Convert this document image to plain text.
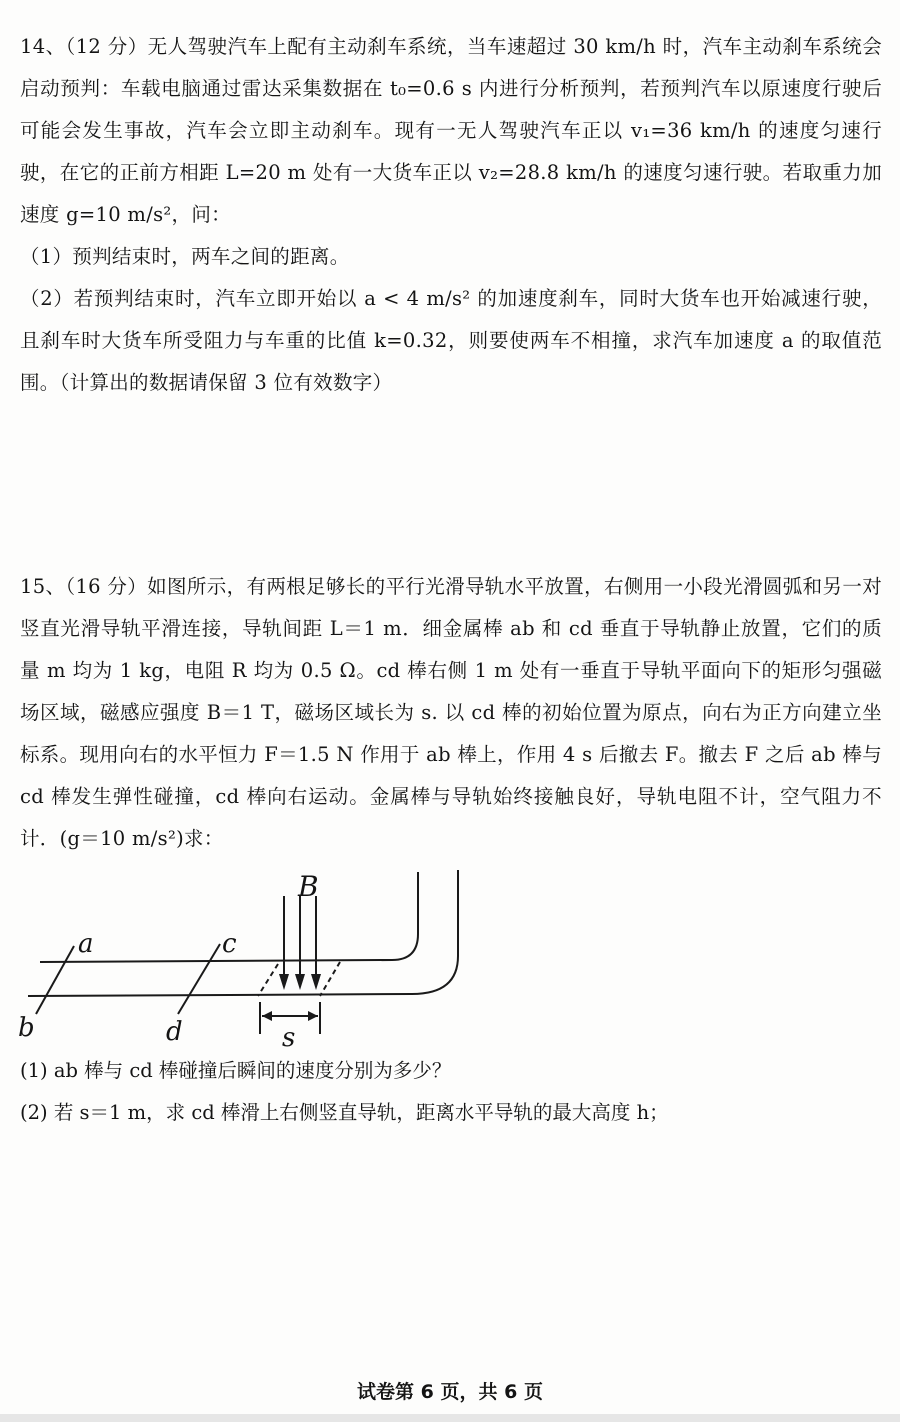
14、（12 分）无人驾驶汽车上配有主动刹车系统，当车速超过 30 km/h 时，汽车主动刹车系统会启动预判：车载电脑通过雷达采集数据在 t₀=0.6 s 内进行分析预判，若预判汽车以原速度行驶后可能会发生事故，汽车会立即主动刹车。现有一无人驾驶汽车正以 v₁=36 km/h 的速度匀速行驶，在它的正前方相距 L=20 m 处有一大货车正以 v₂=28.8 km/h 的速度匀速行驶。若取重力加速度 g=10 m/s²，问：
（1）预判结束时，两车之间的距离。
（2）若预判结束时，汽车立即开始以 a < 4 m/s² 的加速度刹车，同时大货车也开始减速行驶，且刹车时大货车所受阻力与车重的比值 k=0.32，则要使两车不相撞，求汽车加速度 a 的取值范围。（计算出的数据请保留 3 位有效数字）
15、（16 分）如图所示，有两根足够长的平行光滑导轨水平放置，右侧用一小段光滑圆弧和另一对竖直光滑导轨平滑连接，导轨间距 L＝1 m．细金属棒 ab 和 cd 垂直于导轨静止放置，它们的质量 m 均为 1 kg，电阻 R 均为 0.5 Ω。cd 棒右侧 1 m 处有一垂直于导轨平面向下的矩形匀强磁场区域，磁感应强度 B＝1 T，磁场区域长为 s. 以 cd 棒的初始位置为原点，向右为正方向建立坐标系。现用向右的水平恒力 F＝1.5 N 作用于 ab 棒上，作用 4 s 后撤去 F。撤去 F 之后 ab 棒与 cd 棒发生弹性碰撞，cd 棒向右运动。金属棒与导轨始终接触良好，导轨电阻不计，空气阻力不计．(g＝10 m/s²)求：
B
a
b
c
d	s
(1) ab 棒与 cd 棒碰撞后瞬间的速度分别为多少？
(2) 若 s＝1 m，求 cd 棒滑上右侧竖直导轨，距离水平导轨的最大高度 h；
试卷第 6 页，共 6 页
